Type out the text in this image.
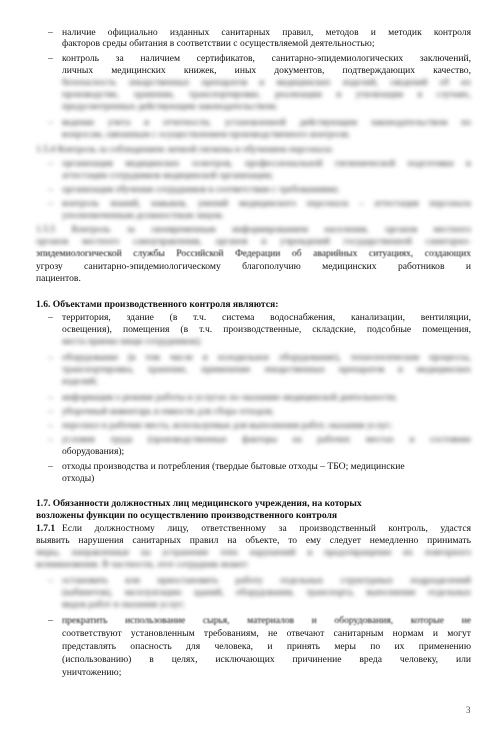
– наличие официально изданных санитарных правил, методов и методик контроля
факторов среды обитания в соответствии с осуществляемой деятельностью;
– контроль за наличием сертификатов, санитарно-эпидемиологических заключений,
личных медицинских книжек, иных документов, подтверждающих качество,
безопасность лекарственных препаратов и медицинских изделий, сведений об их
производстве, хранении, транспортировке, реализации и утилизации в случаях,
предусмотренных действующим законодательством;
– ведение учета и отчетности, установленной действующим законодательством по
вопросам, связанным с осуществлением производственного контроля;
1.5.4 Контроль за соблюдением личной гигиены и обучением персонала:
– организация медицинских осмотров, профессиональной гигиенической подготовки и
аттестации сотрудников медицинской организации;
– организация обучения сотрудников в соответствии с требованиями;
– контроль знаний, навыков, умений медицинского персонала – аттестация персонала
уполномоченным должностным лицом.
1.5.5 Контроль за своевременным информированием населения, органов местного
органов местного самоуправления, органов и учреждений государственной санитарно-
эпидемиологической службы Российской Федерации об аварийных ситуациях, создающих
угрозу санитарно-эпидемиологическому благополучию медицинских работников и
пациентов.
1.6. Объектами производственного контроля являются:
– территория, здание (в т.ч. система водоснабжения, канализации, вентиляции,
освещения), помещения (в т.ч. производственные, складские, подсобные помещения,
места приема пищи сотрудников);
– оборудование (в том числе и холодильное оборудование), технологические процессы,
транспортировка, хранение, применение лекарственных препаратов и медицинских
изделий;
– информация о режиме работы и услугах по оказанию медицинской деятельности;
– уборочный инвентарь и емкости для сбора отходов;
– персонал и рабочие места, используемые для выполнения работ, оказания услуг;
– условия труда (производственные факторы на рабочих местах и состояние
оборудования);
– отходы производства и потребления (твердые бытовые отходы – ТБО; медицинские
отходы)
1.7. Обязанности должностных лиц медицинского учреждения, на которых
возложены функции по осуществлению производственного контроля
1.7.1 Если должностному лицу, ответственному за производственный контроль, удастся
выявить нарушения санитарных правил на объекте, то ему следует немедленно принимать
меры, направленные на устранение этих нарушений и предотвращение их повторного
возникновения. В частности, этот сотрудник может:
– остановить или приостановить работу отдельных структурных подразделений
(кабинетов), эксплуатацию зданий, оборудования, транспорта, выполнение отдельных
видов работ и оказания услуг;
– прекратить использование сырья, материалов и оборудования, которые не
соответствуют установленным требованиям, не отвечают санитарным нормам и могут
представлять опасность для человека, и принять меры по их применению
(использованию) в целях, исключающих причинение вреда человеку, или
уничтожению;
3
